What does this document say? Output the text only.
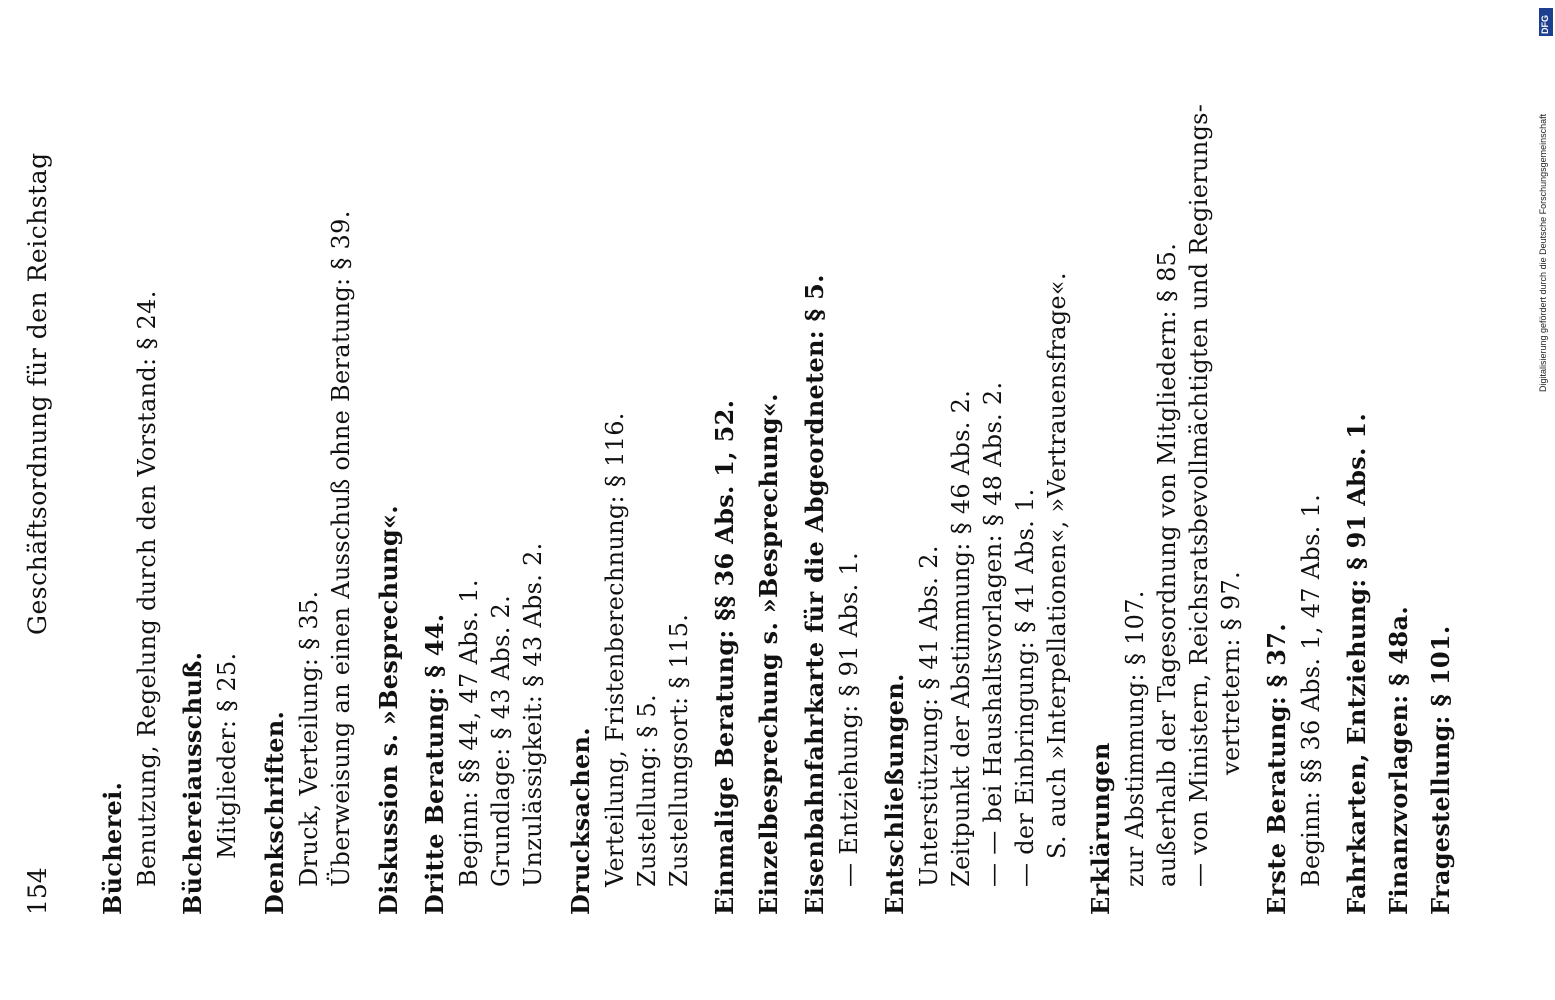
154
Geschäftsordnung für den Reichstag
Bücherei. Benutzung, Regelung durch den Vorstand: § 24. Büchereiausschuß. Mitglieder: § 25. Denkschriften. Druck, Verteilung: § 35. Überweisung an einen Ausschuß ohne Beratung: § 39. Diskussion s. »Besprechung«. Dritte Beratung: § 44. Beginn: §§ 44, 47 Abs. 1. Grundlage: § 43 Abs. 2. Unzulässigkeit: § 43 Abs. 2. Drucksachen. Verteilung, Fristenberechnung: § 116. Zustellung: § 5. Zustellungsort: § 115. Einmalige Beratung: §§ 36 Abs. 1, 52. Einzelbesprechung s. »Besprechung«. Eisenbahnfahrkarte für die Abgeordneten: § 5. — Entziehung: § 91 Abs. 1. Entschließungen. Unterstützung: § 41 Abs. 2. Zeitpunkt der Abstimmung: § 46 Abs. 2. — — bei Haushaltsvorlagen: § 48 Abs. 2. — der Einbringung: § 41 Abs. 1. S. auch »Interpellationen«, »Vertrauensfrage«. Erklärungen zur Abstimmung: § 107. außerhalb der Tagesordnung von Mitgliedern: § 85. — von Ministern, Reichsratsbevollmächtigten und Regierungs- vertretern: § 97. Erste Beratung: § 37. Beginn: §§ 36 Abs. 1, 47 Abs. 1. Fahrkarten, Entziehung: § 91 Abs. 1. Finanzvorlagen: § 48a. Fragestellung: § 101.
Digitalisierung gefördert durch die Deutsche Forschungsgemeinschaft
DFG
